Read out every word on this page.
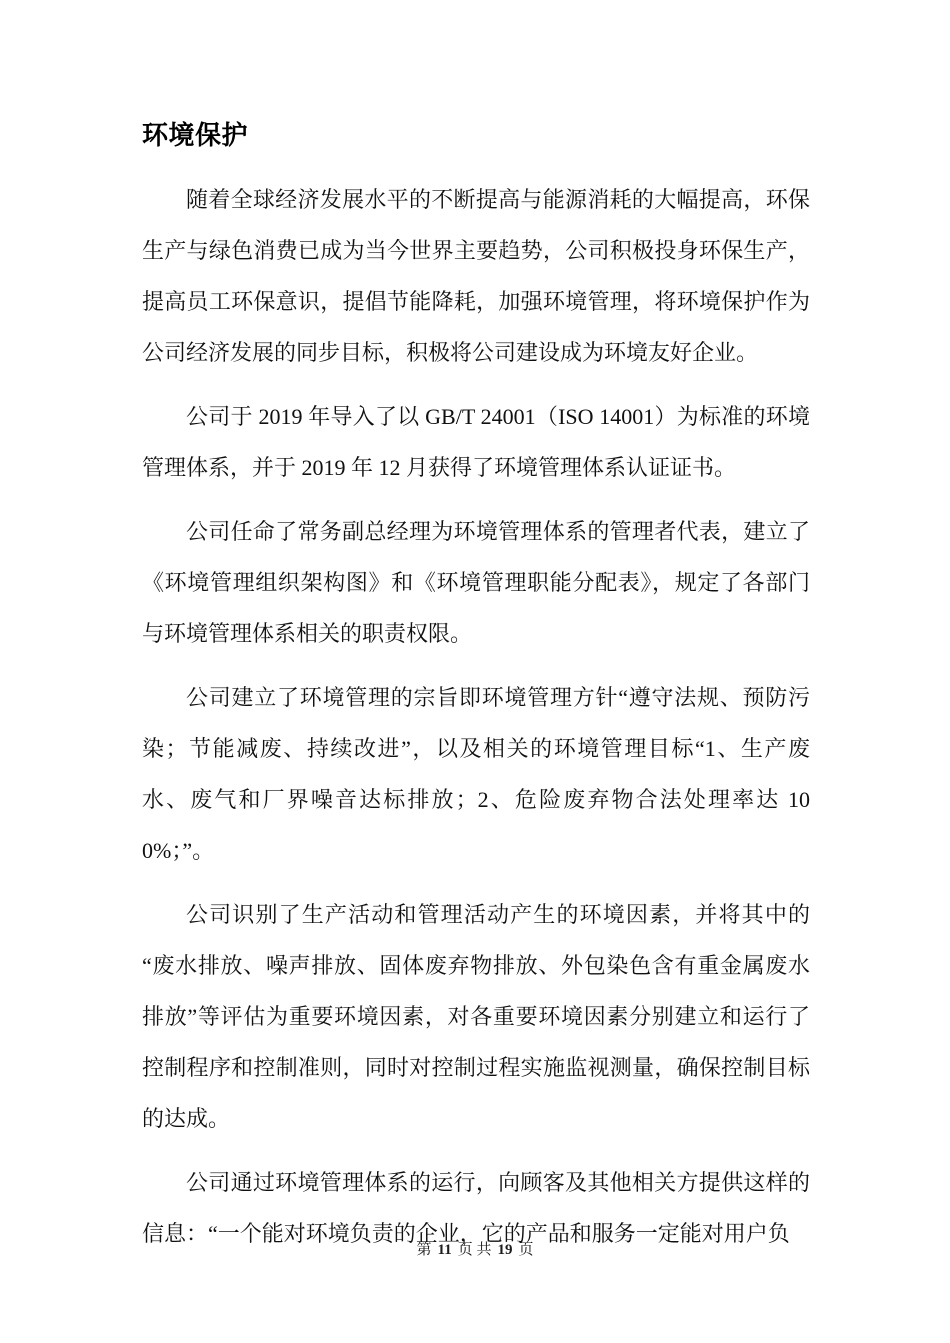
环境保护

随着全球经济发展水平的不断提高与能源消耗的大幅提高，环保生产与绿色消费已成为当今世界主要趋势，公司积极投身环保生产，提高员工环保意识，提倡节能降耗，加强环境管理，将环境保护作为公司经济发展的同步目标，积极将公司建设成为环境友好企业。

公司于 2019 年导入了以 GB/T 24001（ISO 14001）为标准的环境管理体系，并于 2019 年 12 月获得了环境管理体系认证证书。

公司任命了常务副总经理为环境管理体系的管理者代表，建立了《环境管理组织架构图》和《环境管理职能分配表》，规定了各部门与环境管理体系相关的职责权限。

公司建立了环境管理的宗旨即环境管理方针“遵守法规、预防污染；节能减废、持续改进”，以及相关的环境管理目标“1、生产废水、废气和厂界噪音达标排放；2、危险废弃物合法处理率达 100%；”。

公司识别了生产活动和管理活动产生的环境因素，并将其中的“废水排放、噪声排放、固体废弃物排放、外包染色含有重金属废水排放”等评估为重要环境因素，对各重要环境因素分别建立和运行了控制程序和控制准则，同时对控制过程实施监视测量，确保控制目标的达成。

公司通过环境管理体系的运行，向顾客及其他相关方提供这样的信息：“一个能对环境负责的企业，它的产品和服务一定能对用户负

第 11 页 共 19 页
